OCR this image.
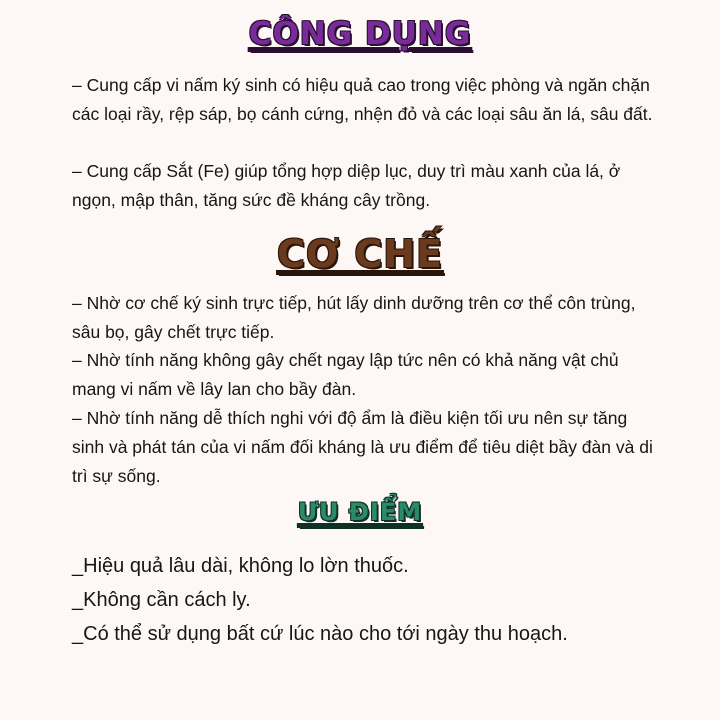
CÔNG DỤNG

– Cung cấp vi nấm ký sinh có hiệu quả cao trong việc phòng và ngăn chặn các loại rầy, rệp sáp, bọ cánh cứng, nhện đỏ và các loại sâu ăn lá, sâu đất.

– Cung cấp Sắt (Fe) giúp tổng hợp diệp lục, duy trì màu xanh của lá, ở ngọn, mập thân, tăng sức đề kháng cây trồng.

CƠ CHẾ

– Nhờ cơ chế ký sinh trực tiếp, hút lấy dinh dưỡng trên cơ thể côn trùng, sâu bọ, gây chết trực tiếp.

– Nhờ tính năng không gây chết ngay lập tức nên có khả năng vật chủ mang vi nấm về lây lan cho bầy đàn.

– Nhờ tính năng dễ thích nghi với độ ẩm là điều kiện tối ưu nên sự tăng sinh và phát tán của vi nấm đối kháng là ưu điểm để tiêu diệt bầy đàn và di trì sự sống.

ƯU ĐIỂM

_Hiệu quả lâu dài, không lo lờn thuốc.

_Không cần cách ly.

_Có thể sử dụng bất cứ lúc nào cho tới ngày thu hoạch.
